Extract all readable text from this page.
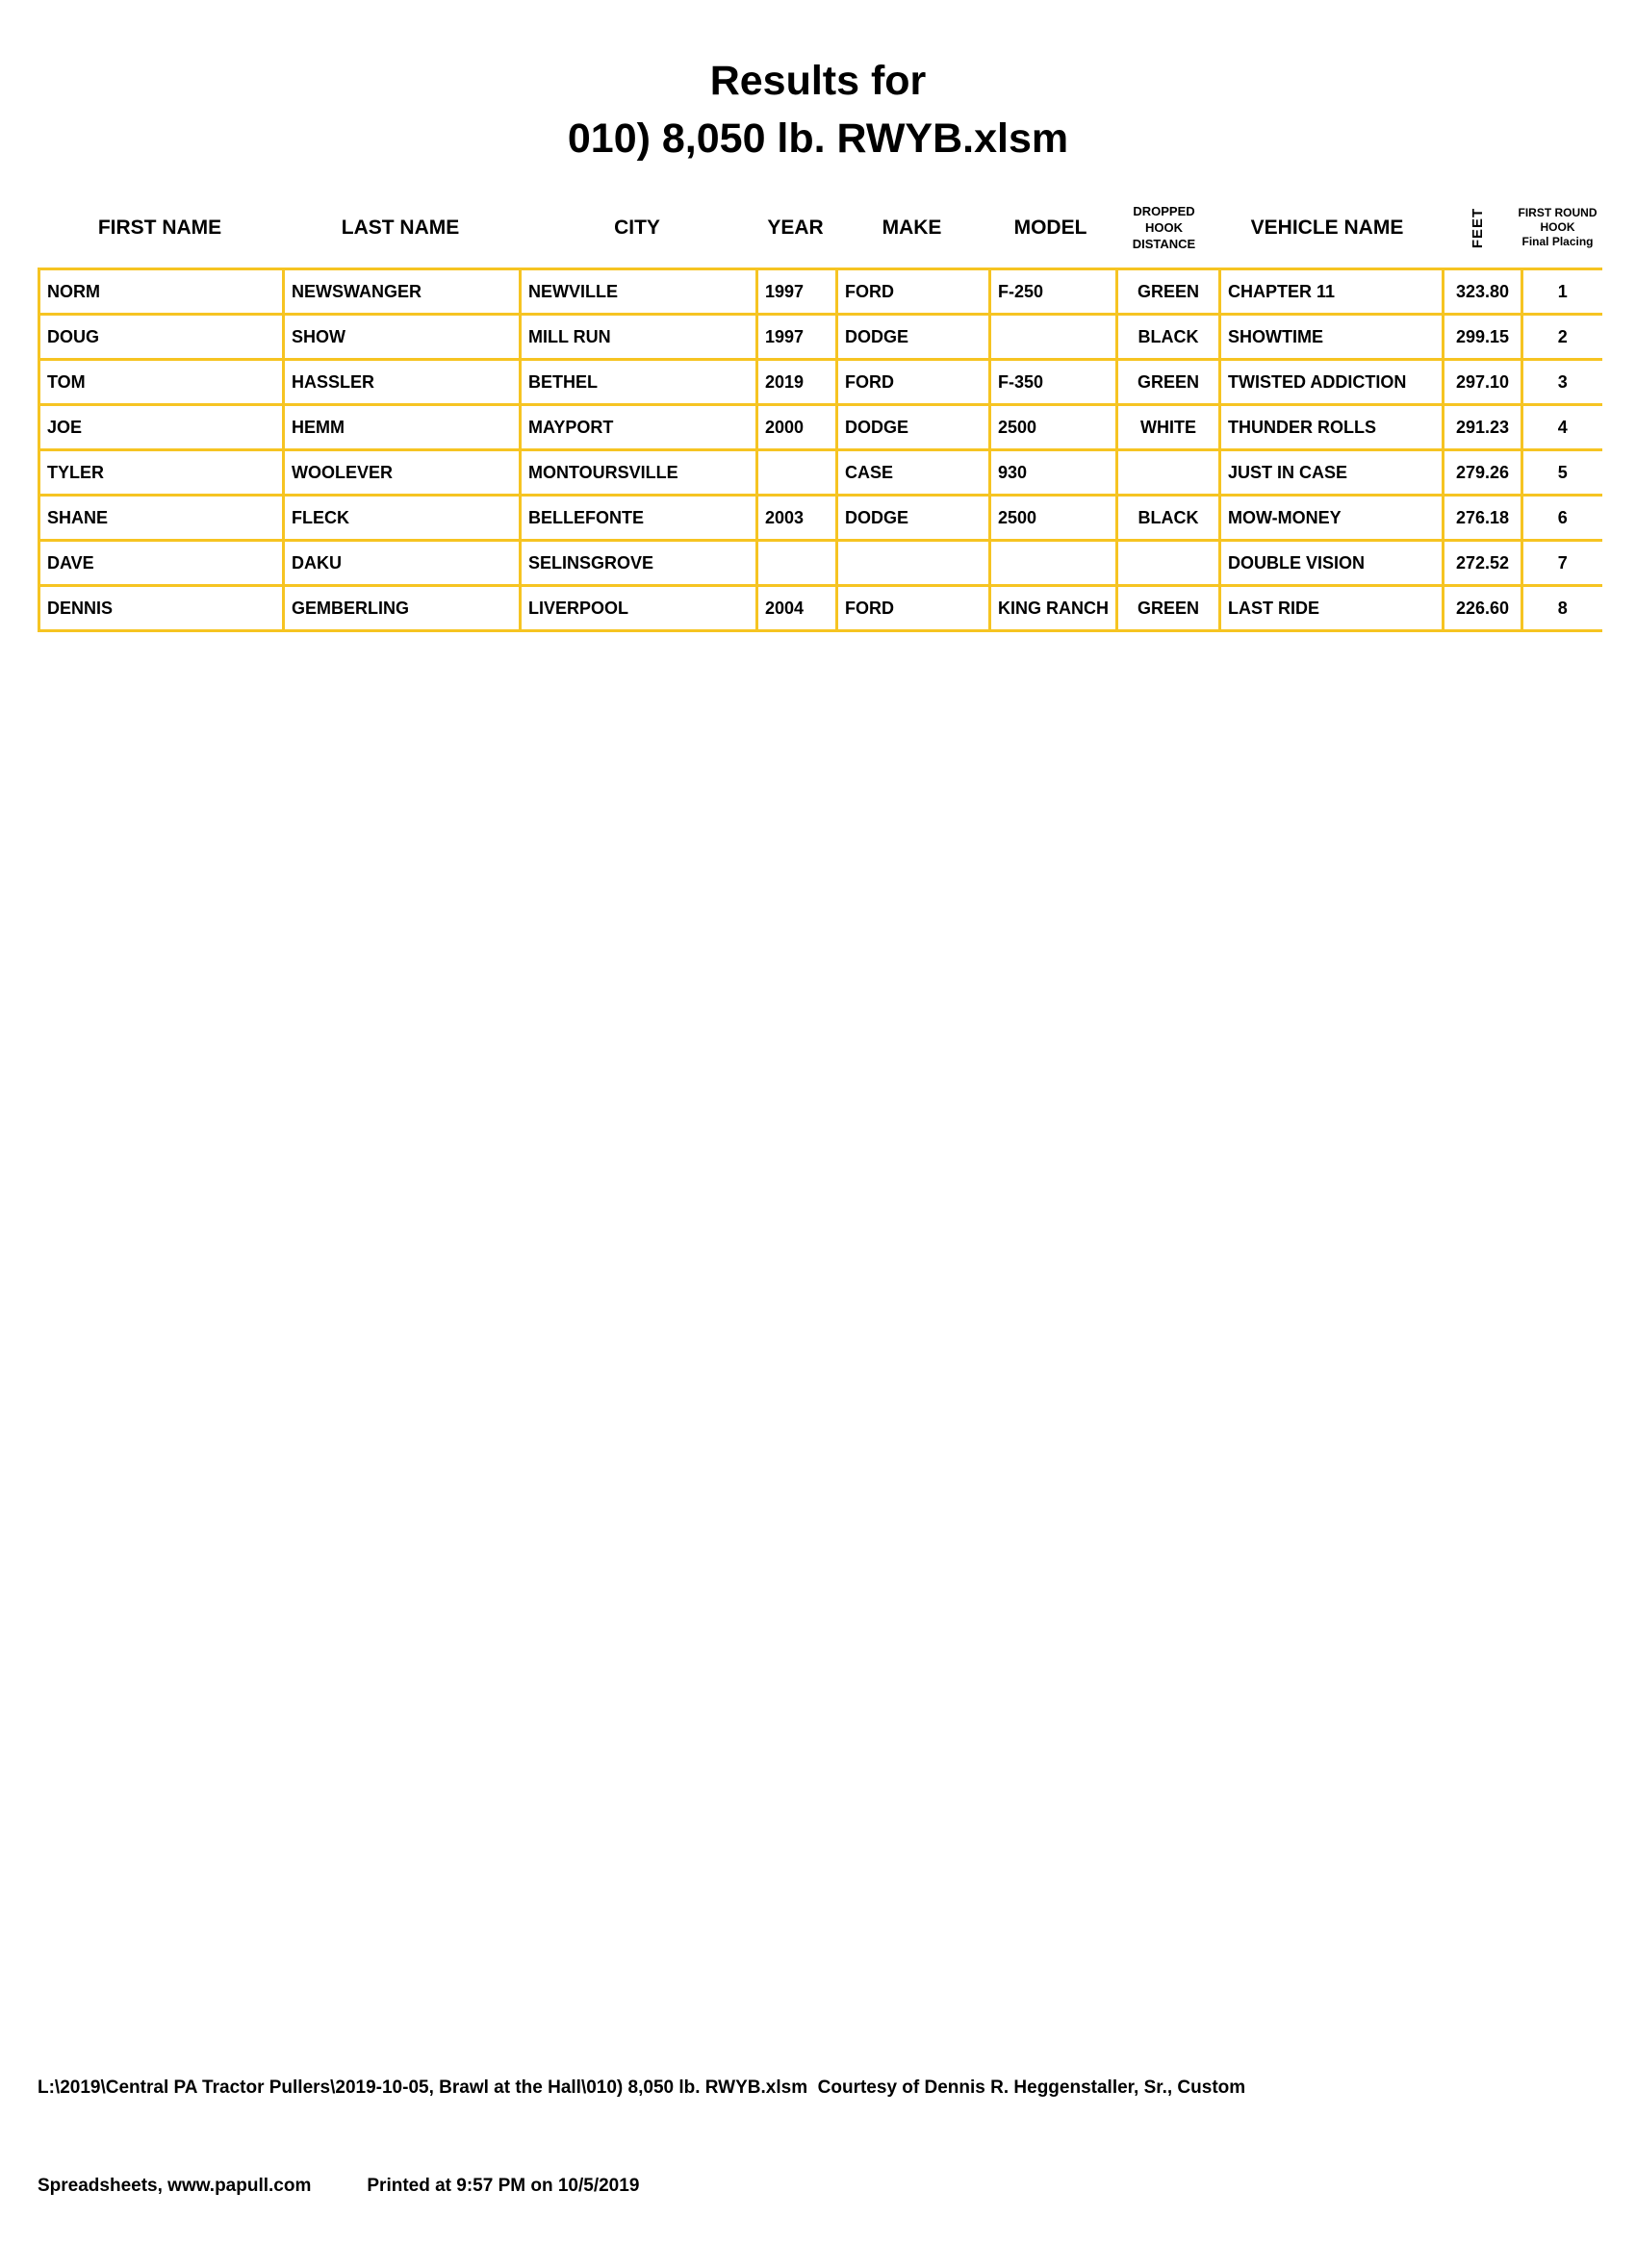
Results for
010) 8,050 lb. RWYB.xlsm
FIRST NAME	LAST NAME	CITY	YEAR	MAKE	MODEL
DROPPED
HOOK
DISTANCE
VEHICLE NAME	FEET	FIRST ROUND
HOOK
Final Placing
NORM	NEWSWANGER	NEWVILLE	1997	FORD	F-250	GREEN	CHAPTER 11	323.80	1
DOUG	SHOW	MILL RUN	1997	DODGE		BLACK	SHOWTIME	299.15	2
TOM	HASSLER	BETHEL	2019	FORD	F-350	GREEN	TWISTED ADDICTION	297.10	3
JOE	HEMM	MAYPORT	2000	DODGE	2500	WHITE	THUNDER ROLLS	291.23	4
TYLER	WOOLEVER	MONTOURSVILLE		CASE	930		JUST IN CASE	279.26	5
SHANE	FLECK	BELLEFONTE	2003	DODGE	2500	BLACK	MOW-MONEY	276.18	6
DAVE	DAKU	SELINSGROVE					DOUBLE VISION	272.52	7
DENNIS	GEMBERLING	LIVERPOOL	2004	FORD	KING RANCH	GREEN	LAST RIDE	226.60	8

L:\2019\Central PA Tractor Pullers\2019-10-05, Brawl at the Hall\010) 8,050 lb. RWYB.xlsm  Courtesy of Dennis R. Heggenstaller, Sr., Custom

Spreadsheets, www.papull.com	Printed at 9:57 PM on 10/5/2019
